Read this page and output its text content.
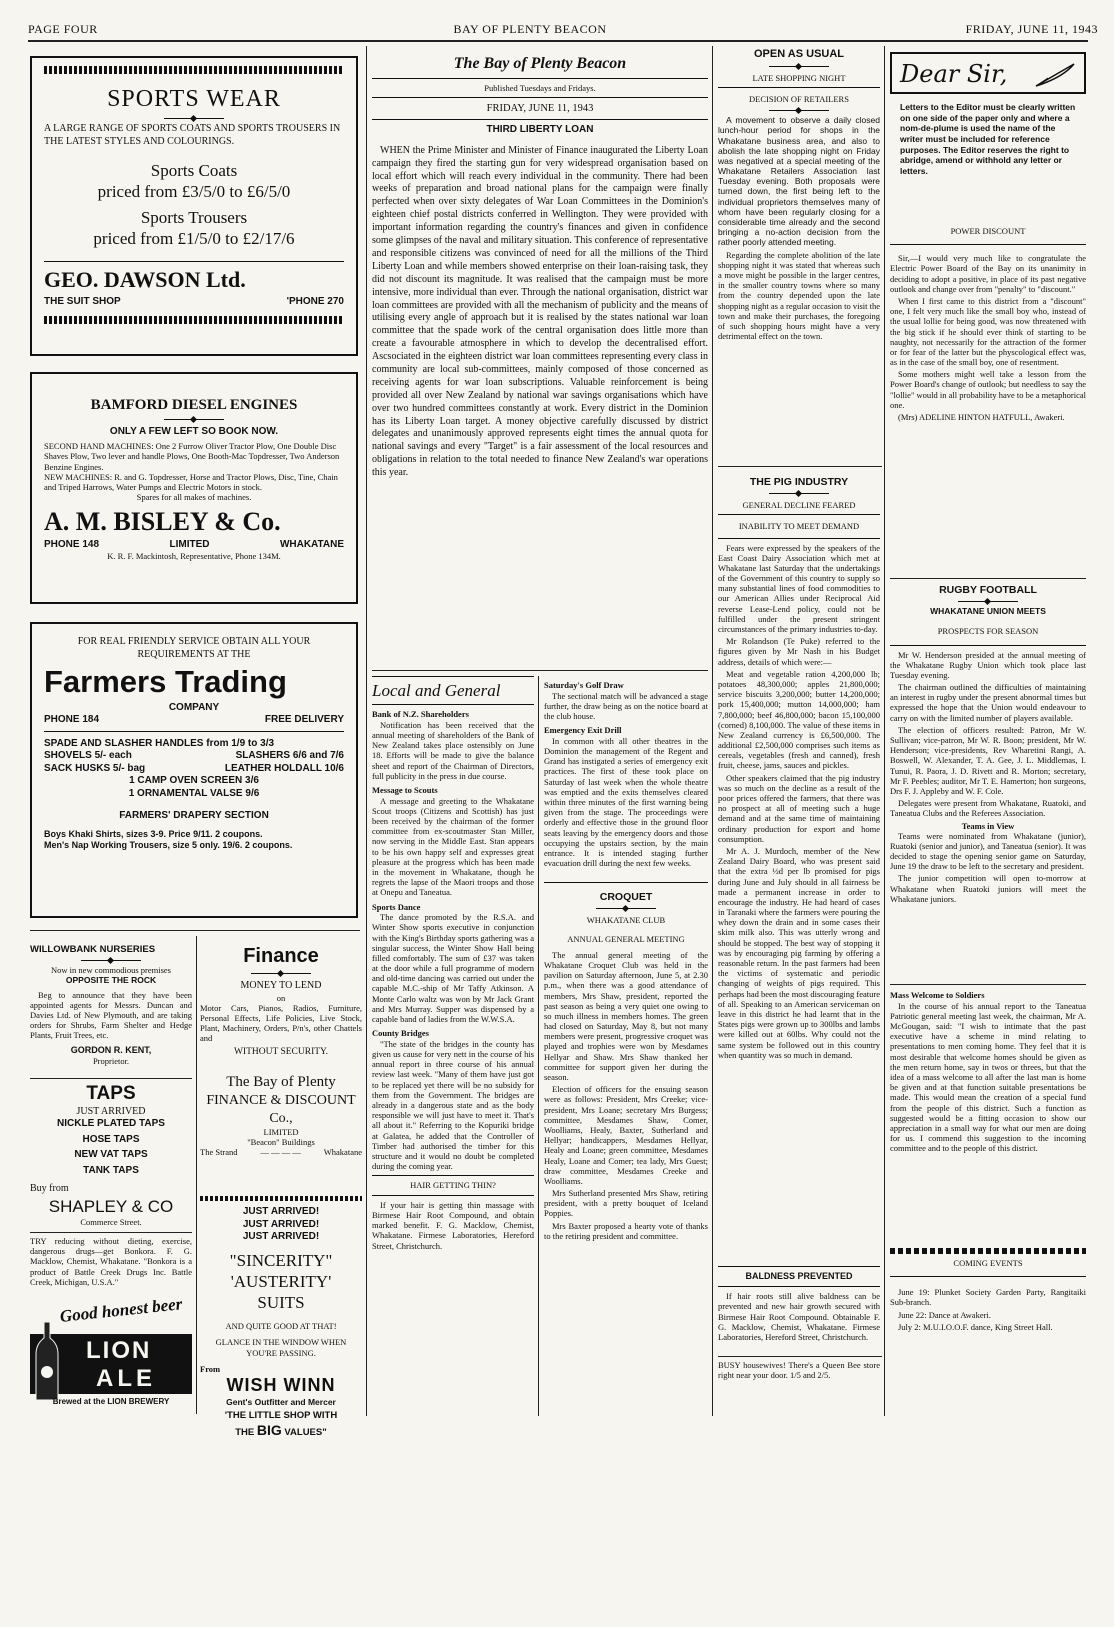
PAGE FOUR	BAY OF PLENTY BEACON	FRIDAY, JUNE 11, 1943
SPORTS WEAR
A LARGE RANGE OF SPORTS COATS AND SPORTS TROUSERS IN THE LATEST STYLES AND COLOURINGS.
Sports Coats
priced from £3/5/0 to £6/5/0
Sports Trousers
priced from £1/5/0 to £2/17/6
GEO. DAWSON Ltd.
THE SUIT SHOP	'PHONE 270
BAMFORD DIESEL ENGINES
ONLY A FEW LEFT SO BOOK NOW.
SECOND HAND MACHINES: One 2 Furrow Oliver Tractor Plow, One Double Disc Shaves Plow, Two lever and handle Plows, One Booth-Mac Topdresser, Two Anderson Benzine Engines.
NEW MACHINES: R. and G. Topdresser, Horse and Tractor Plows, Disc, Tine, Chain and Triped Harrows, Water Pumps and Electric Motors in stock.
Spares for all makes of machines.
A. M. BISLEY & Co.
PHONE 148	LIMITED	WHAKATANE
K. R. F. Mackintosh, Representative, Phone 134M.
FOR REAL FRIENDLY SERVICE OBTAIN ALL YOUR REQUIREMENTS AT THE
Farmers Trading
COMPANY
PHONE 184	FREE DELIVERY
SPADE AND SLASHER HANDLES from 1/9 to 3/3
SHOVELS 5/- each	SLASHERS 6/6 and 7/6
SACK HUSKS 5/- bag	LEATHER HOLDALL 10/6
1 CAMP OVEN SCREEN 3/6
1 ORNAMENTAL VALSE 9/6
FARMERS' DRAPERY SECTION
Boys Khaki Shirts, sizes 3-9. Price 9/11. 2 coupons.
Men's Nap Working Trousers, size 5 only. 19/6. 2 coupons.
WILLOWBANK NURSERIES
Now in new commodious premises
OPPOSITE THE ROCK
Beg to announce that they have been appointed agents for Messrs. Duncan and Davies Ltd. of New Plymouth, and are taking orders for Shrubs, Farm Shelter and Hedge Plants, Fruit Trees, etc.
GORDON R. KENT,
Proprietor.
TAPS
JUST ARRIVED
NICKLE PLATED TAPS
HOSE TAPS
NEW VAT TAPS
TANK TAPS
Buy from
SHAPLEY & CO
Commerce Street.
TRY reducing without dieting, exercise, dangerous drugs—get Bonkora. F. G. Macklow, Chemist, Whakatane. "Bonkora is a product of Battle Creek Drugs Inc. Battle Creek, Michigan, U.S.A."
Good honest beer
LION
ALE
Brewed at the LION BREWERY
Finance
MONEY TO LEND
on
Motor Cars, Pianos, Radios, Furniture, Personal Effects, Life Policies, Live Stock, Plant, Machinery, Orders, P/n's, other Chattels and
WITHOUT SECURITY.
The Bay of Plenty
FINANCE & DISCOUNT Co.,
LIMITED
"Beacon" Buildings
The Strand	— — — —	Whakatane
JUST ARRIVED!
JUST ARRIVED!
JUST ARRIVED!
"SINCERITY"
'AUSTERITY'
SUITS
AND QUITE GOOD AT THAT!
GLANCE IN THE WINDOW WHEN YOU'RE PASSING.
From
WISH WINN
Gent's Outfitter and Mercer
'THE LITTLE SHOP WITH
THE BIG VALUES"
The Bay of Plenty Beacon
Published Tuesdays and Fridays.
FRIDAY, JUNE 11, 1943
THIRD LIBERTY LOAN
WHEN the Prime Minister and Minister of Finance inaugurated the Liberty Loan campaign they fired the starting gun for very widespread organisation based on local effort which will reach every individual in the community. There had been weeks of preparation and broad national plans for the campaign were finally perfected when over sixty delegates of War Loan Committees in the Dominion's eighteen chief postal districts conferred in Wellington. They were provided with important information regarding the country's finances and given in confidence some glimpses of the naval and military situation. This conference of representative and responsible citizens was convinced of need for all the millions of the Third Liberty Loan and while members showed enterprise on their loan-raising task, they did not discount its magnitude. It was realised that the campaign must be more intensive, more individual than ever. Through the national organisation, district war loan committees are provided with all the mechanism of publicity and the means of utilising every angle of approach but it is realised by the states national war loan committee that the spade work of the central organisation does little more than create a favourable atmosphere in which to develop the decentralised effort. Ascsociated in the eighteen district war loan committees representing every class in community are local sub-committees, mainly composed of those concerned as receiving agents for war loan subscriptions. Valuable reinforcement is being provided all over New Zealand by national war savings organisations which have over two hundred committees constantly at work. Every district in the Dominion has its Liberty Loan target. A money objective carefully discussed by district delegates and unanimously approved represents eight times the annual quota for national savings and every "Target" is a fair assessment of the local resources and obligations in relation to the total needed to finance New Zealand's war operations this year.
Local and General
Bank of N.Z. Shareholders
Notification has been received that the annual meeting of shareholders of the Bank of New Zealand takes place ostensibly on June 18. Efforts will be made to give the balance sheet and report of the Chairman of Directors, full publicity in the press in due course.
Message to Scouts
A message and greeting to the Whakatane Scout troops (Citizens and Scottish) has just been received by the chairman of the former committee from ex-scoutmaster Stan Miller, now serving in the Middle East. Stan appears to be his own happy self and expresses great pleasure at the progress which has been made in the movement in Whakatane, though he regrets the lapse of the Maori troops and those at Onepu and Taneatua.
Sports Dance
The dance promoted by the R.S.A. and Winter Show sports executive in conjunction with the King's Birthday sports gathering was a singular success, the Winter Show Hall being filled comfortably. The sum of £37 was taken at the door while a full programme of modern and old-time dancing was carried out under the capable M.C.-ship of Mr Taffy Atkinson. A Monte Carlo waltz was won by Mr Jack Grant and Mrs Murray. Supper was dispensed by a capable band of ladies from the W.W.S.A.
County Bridges
"The state of the bridges in the county has given us cause for very nett in the course of his annual report in three course of his annual review last week. "Many of them have just got to be replaced yet there will be no subsidy for them from the Government. The bridges are already in a dangerous state and as the body responsible we will just have to meet it. That's all about it." Referring to the Kopuriki bridge at Galatea, he added that the Controller of Timber had authorised the timber for this structure and it would no doubt be completed during the coming year.
HAIR GETTING THIN?
If your hair is getting thin massage with Birmese Hair Root Compound, and obtain marked benefit. F. G. Macklow, Chemist, Whakatane. Firmese Laboratories, Hereford Street, Christchurch.
Saturday's Golf Draw
The sectional match will be advanced a stage further, the draw being as on the notice board at the club house.
Emergency Exit Drill
In common with all other theatres in the Dominion the management of the Regent and Grand has instigated a series of emergency exit practices. The first of these took place on Saturday of last week when the whole theatre was emptied and the exits themselves cleared within three minutes of the first warning being given from the stage. The proceedings were orderly and effective those in the ground floor seats leaving by the emergency doors and those occupying the upstairs section, by the main entrance. It is intended staging further evacuation drill during the next few weeks.
CROQUET
WHAKATANE CLUB
ANNUAL GENERAL MEETING
The annual general meeting of the Whakatane Croquet Club was held in the pavilion on Saturday afternoon, June 5, at 2.30 p.m., when there was a good attendance of members, Mrs Shaw, president, reported the past season as being a very quiet one owing to so much illness in members homes. The green had closed on Saturday, May 8, but not many members were present, progressive croquet was played and trophies were won by Mesdames Hellyar and Shaw. Mrs Shaw thanked her committee for support given her during the season.
Election of officers for the ensuing season were as follows: President, Mrs Creeke; vice-president, Mrs Loane; secretary Mrs Burgess; committee, Mesdames Shaw, Comer, Woolliams, Healy, Baxter, Sutherland and Hellyar; handicappers, Mesdames Hellyar, Healy and Loane; green committee, Mesdames Healy, Loane and Comer; tea lady, Mrs Guest; draw committee, Mesdames Creeke and Woolliams.
Mrs Sutherland presented Mrs Shaw, retiring president, with a pretty bouquet of Iceland Poppies.
Mrs Baxter proposed a hearty vote of thanks to the retiring president and committee.
OPEN AS USUAL
LATE SHOPPING NIGHT
DECISION OF RETAILERS
A movement to observe a daily closed lunch-hour period for shops in the Whakatane business area, and also to abolish the late shopping night on Friday was negatived at a special meeting of the Whakatane Retailers Association last Tuesday evening. Both proposals were turned down, the first being left to the individual proprietors themselves many of whom have been regularly closing for a considerable time already and the second bringing a no-action decision from the rather poorly attended meeting.
Regarding the complete abolition of the late shopping night it was stated that whereas such a move might be possible in the larger centres, in the smaller country towns where so many from the country depended upon the late shopping night as a regular occasion to visit the town and make their purchases, the foregoing of such shopping hours might have a very detrimental effect on the town.
THE PIG INDUSTRY
GENERAL DECLINE FEARED
INABILITY TO MEET DEMAND
Fears were expressed by the speakers of the East Coast Dairy Association which met at Whakatane last Saturday that the undertakings of the Government of this country to supply so many substantial lines of food commodities to our American Allies under Reciprocal Aid reverse Lease-Lend policy, could not be fulfilled under the present stringent circumstances of the primary industries to-day.
Mr Rolandson (Te Puke) referred to the figures given by Mr Nash in his Budget address, details of which were:—
Meat and vegetable ration 4,200,000 lb; potatoes 48,300,000; apples 21,800,000; service biscuits 3,200,000; butter 14,200,000; pork 15,400,000; mutton 14,000,000; ham 7,800,000; beef 46,800,000; bacon 15,100,000 (corned) 8,100,000. The value of these items in New Zealand currency is £6,500,000. The additional £2,500,000 comprises such items as cereals, vegetables (fresh and canned), fresh fruit, cheese, jams, sauces and pickles.
Other speakers claimed that the pig industry was so much on the decline as a result of the poor prices offered the farmers, that there was no prospect at all of meeting such a huge demand and at the same time of maintaining ordinary production for export and home consumption.
Mr A. J. Murdoch, member of the New Zealand Dairy Board, who was present said that the extra ½d per lb promised for pigs during June and July should in all fairness be made a permanent increase in order to encourage the industry. He had heard of cases in Taranaki where the farmers were pouring the whey down the drain and in some cases their skim milk also. This was utterly wrong and should be stopped. The best way of stopping it was by encouraging pig farming by offering a reasonable return. In the past farmers had been the victims of systematic and periodic changing of weights of pigs required. This perhaps had been the most discouraging feature of all. Speaking to an American serviceman on leave in this district he had learnt that in the States pigs were grown up to 300lbs and lambs were killed out at 60lbs. Why could not the same system be followed out in this country when quantity was so much in demand.
BALDNESS PREVENTED
If hair roots still alive baldness can be prevented and new hair growth secured with Birmese Hair Root Compound. Obtainable F. G. Macklow, Chemist, Whakatane. Firmese Laboratories, Hereford Street, Christchurch.
BUSY housewives! There's a Queen Bee store right near your door. 1/5 and 2/5.
Dear Sir,
Letters to the Editor must be clearly written on one side of the paper only and where a nom-de-plume is used the name of the writer must be included for reference purposes. The Editor reserves the right to abridge, amend or withhold any letter or letters.
POWER DISCOUNT
Sir,—I would very much like to congratulate the Electric Power Board of the Bay on its unanimity in deciding to adopt a positive, in place of its past negative outlook and change over from "penalty" to "discount."
When I first came to this district from a "discount" one, I felt very much like the small boy who, instead of the usual lollie for being good, was now threatened with the big stick if he should ever think of starting to be naughty, not necessarily for the attraction of the former or for fear of the latter but the physcological effect was, as in the case of the small boy, one of resentment.
Some mothers might well take a lesson from the Power Board's change of outlook; but needless to say the "lollie" would in all probability have to be a metaphorical one.
(Mrs) ADELINE HINTON HATFULL, Awakeri.
RUGBY FOOTBALL
WHAKATANE UNION MEETS
PROSPECTS FOR SEASON
Mr W. Henderson presided at the annual meeting of the Whakatane Rugby Union which took place last Tuesday evening.
The chairman outlined the difficulties of maintaining an interest in rugby under the present abnormal times but expressed the hope that the Union would endeavour to carry on with the limited number of players available.
The election of officers resulted: Patron, Mr W. Sullivan; vice-patron, Mr W. R. Boon; president, Mr W. Henderson; vice-presidents, Rev Wharetini Rangi, A. Boswell, W. Alexander, T. A. Gee, J. L. Middlemas, I. Tunui, R. Paora, J. D. Rivett and R. Morton; secretary, Mr F. Peebles; auditor, Mr T. E. Hamerton; hon surgeons, Drs F. J. Appleby and W. F. Cole.
Delegates were present from Whakatane, Ruatoki, and Taneatua Clubs and the Referees Association.
Teams in View
Teams were nominated from Whakatane (junior), Ruatoki (senior and junior), and Taneatua (senior). It was decided to stage the opening senior game on Saturday, June 19 the draw to be left to the secretary and president.
The junior competition will open to-morrow at Whakatane when Ruatoki juniors will meet the Whakatane juniors.
Mass Welcome to Soldiers
In the course of his annual report to the Taneatua Patriotic general meeting last week, the chairman, Mr A. McGougan, said: "I wish to intimate that the past executive have a scheme in mind relating to presentations to men coming home. They feel that it is most desirable that welcome homes should be given as the men return home, say in twos or threes, but that the idea of a mass welcome to all after the last man is home be given and at that function suitable presentations be made. This would mean the creation of a special fund from the people of this district. Such a function as suggested would be a fitting occasion to show our appreciation in a small way for what our men are doing for us. I commend this suggestion to the incoming committee and to the people of this district.
COMING EVENTS
June 19: Plunket Society Garden Party, Rangitaiki Sub-branch.
June 22: Dance at Awakeri.
July 2: M.U.I.O.O.F. dance, King Street Hall.
